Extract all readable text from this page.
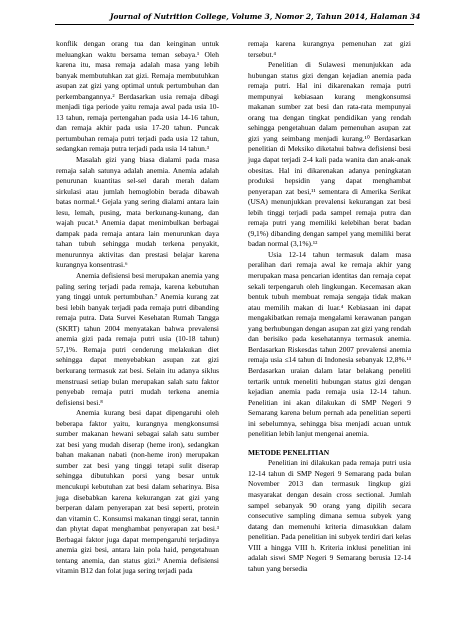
Journal of Nutrition College, Volume 3, Nomor 2, Tahun 2014, Halaman 34

konflik dengan orang tua dan keinginan untuk meluangkan waktu bersama teman sebaya.¹ Oleh karena itu, masa remaja adalah masa yang lebih banyak membutuhkan zat gizi. Remaja membutuhkan asupan zat gizi yang optimal untuk pertumbuhan dan perkembangannya.² Berdasarkan usia remaja dibagi menjadi tiga periode yaitu remaja awal pada usia 10-13 tahun, remaja pertengahan pada usia 14-16 tahun, dan remaja akhir pada usia 17-20 tahun. Puncak pertumbuhan remaja putri terjadi pada usia 12 tahun, sedangkan remaja putra terjadi pada usia 14 tahun.³

Masalah gizi yang biasa dialami pada masa remaja salah satunya adalah anemia. Anemia adalah penurunan kuantitas sel-sel darah merah dalam sirkulasi atau jumlah hemoglobin berada dibawah batas normal.⁴ Gejala yang sering dialami antara lain lesu, lemah, pusing, mata berkunang-kunang, dan wajah pucat.⁵ Anemia dapat menimbulkan berbagai dampak pada remaja antara lain menurunkan daya tahan tubuh sehingga mudah terkena penyakit, menurunnya aktivitas dan prestasi belajar karena kurangnya konsentrasi.⁶

Anemia defisiensi besi merupakan anemia yang paling sering terjadi pada remaja, karena kebutuhan yang tinggi untuk pertumbuhan.⁷ Anemia kurang zat besi lebih banyak terjadi pada remaja putri dibanding remaja putra. Data Survei Kesehatan Rumah Tangga (SKRT) tahun 2004 menyatakan bahwa prevalensi anemia gizi pada remaja putri usia (10-18 tahun) 57,1%. Remaja putri cenderung melakukan diet sehingga dapat menyebabkan asupan zat gizi berkurang termasuk zat besi. Selain itu adanya siklus menstruasi setiap bulan merupakan salah satu faktor penyebab remaja putri mudah terkena anemia defisiensi besi.⁸

Anemia kurang besi dapat dipengaruhi oleh beberapa faktor yaitu, kurangnya mengkonsumsi sumber makanan hewani sebagai salah satu sumber zat besi yang mudah diserap (heme iron), sedangkan bahan makanan nabati (non-heme iron) merupakan sumber zat besi yang tinggi tetapi sulit diserap sehingga dibutuhkan porsi yang besar untuk mencukupi kebutuhan zat besi dalam seharinya. Bisa juga disebabkan karena kekurangan zat gizi yang berperan dalam penyerapan zat besi seperti, protein dan vitamin C. Konsumsi makanan tinggi serat, tannin dan phytat dapat menghambat penyerapan zat besi.³ Berbagai faktor juga dapat mempengaruhi terjadinya anemia gizi besi, antara lain pola haid, pengetahuan tentang anemia, dan status gizi.⁹ Anemia defisiensi vitamin B12 dan folat juga sering terjadi pada

remaja karena kurangnya pemenuhan zat gizi tersebut.⁴

Penelitian di Sulawesi menunjukkan ada hubungan status gizi dengan kejadian anemia pada remaja putri. Hal ini dikarenakan remaja putri mempunyai kebiasaan kurang mengkonsumsi makanan sumber zat besi dan rata-rata mempunyai orang tua dengan tingkat pendidikan yang rendah sehingga pengetahuan dalam pemenuhan asupan zat gizi yang seimbang menjadi kurang.¹⁰ Berdasarkan penelitian di Meksiko diketahui bahwa defisiensi besi juga dapat terjadi 2-4 kali pada wanita dan anak-anak obesitas. Hal ini dikarenakan adanya peningkatan produksi hepsidin yang dapat menghambat penyerapan zat besi,¹¹ sementara di Amerika Serikat (USA) menunjukkan prevalensi kekurangan zat besi lebih tinggi terjadi pada sampel remaja putra dan remaja putri yang memiliki kelebihan berat badan (9,1%) dibanding dengan sampel yang memiliki berat badan normal (3,1%).¹²

Usia 12-14 tahun termasuk dalam masa peralihan dari remaja awal ke remaja akhir yang merupakan masa pencarian identitas dan remaja cepat sekali terpengaruh oleh lingkungan. Kecemasan akan bentuk tubuh membuat remaja sengaja tidak makan atau memilih makan di luar.⁴ Kebiasaan ini dapat mengakibatkan remaja mengalami kerawanan pangan yang berhubungan dengan asupan zat gizi yang rendah dan berisiko pada kesehatannya termasuk anemia. Berdasarkan Riskesdas tahun 2007 prevalensi anemia remaja usia ≤14 tahun di Indonesia sebanyak 12,8%.¹³ Berdasarkan uraian dalam latar belakang peneliti tertarik untuk meneliti hubungan status gizi dengan kejadian anemia pada remaja usia 12-14 tahun. Penelitian ini akan dilakukan di SMP Negeri 9 Semarang karena belum pernah ada penelitian seperti ini sebelumnya, sehingga bisa menjadi acuan untuk penelitian lebih lanjut mengenai anemia.

METODE PENELITIAN

Penelitian ini dilakukan pada remaja putri usia 12-14 tahun di SMP Negeri 9 Semarang pada bulan November 2013 dan termasuk lingkup gizi masyarakat dengan desain cross sectional. Jumlah sampel sebanyak 90 orang yang dipilih secara consecutive sampling dimana semua subyek yang datang dan memenuhi kriteria dimasukkan dalam penelitian. Pada penelitian ini subyek terdiri dari kelas VIII a hingga VIII h. Kriteria inklusi penelitian ini adalah siswi SMP Negeri 9 Semarang berusia 12-14 tahun yang bersedia
